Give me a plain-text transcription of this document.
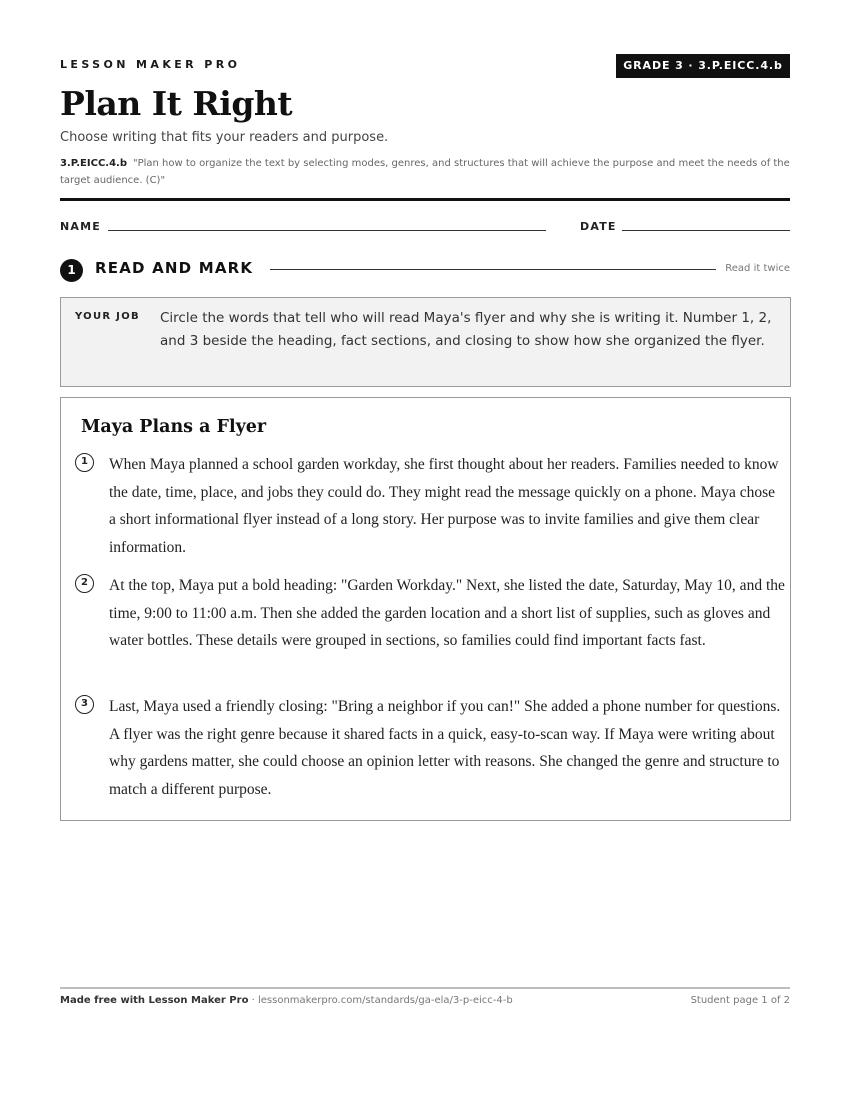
LESSON MAKER PRO	GRADE 3 · 3.P.EICC.4.b
Plan It Right
Choose writing that fits your readers and purpose.
3.P.EICC.4.b "Plan how to organize the text by selecting modes, genres, and structures that will achieve the purpose and meet the needs of the target audience. (C)"
NAME	DATE
1	READ AND MARK	Read it twice
YOUR JOB Circle the words that tell who will read Maya's flyer and why she is writing it. Number 1, 2, and 3 beside the heading, fact sections, and closing to show how she organized the flyer.
Maya Plans a Flyer
1	When Maya planned a school garden workday, she first thought about her readers. Families needed to know the date, time, place, and jobs they could do. They might read the message quickly on a phone. Maya chose a short informational flyer instead of a long story. Her purpose was to invite families and give them clear information.
2	At the top, Maya put a bold heading: "Garden Workday." Next, she listed the date, Saturday, May 10, and the time, 9:00 to 11:00 a.m. Then she added the garden location and a short list of supplies, such as gloves and water bottles. These details were grouped in sections, so families could find important facts fast.
3	Last, Maya used a friendly closing: "Bring a neighbor if you can!" She added a phone number for questions. A flyer was the right genre because it shared facts in a quick, easy-to-scan way. If Maya were writing about why gardens matter, she could choose an opinion letter with reasons. She changed the genre and structure to match a different purpose.
Made free with Lesson Maker Pro · lessonmakerpro.com/standards/ga-ela/3-p-eicc-4-b	Student page 1 of 2
